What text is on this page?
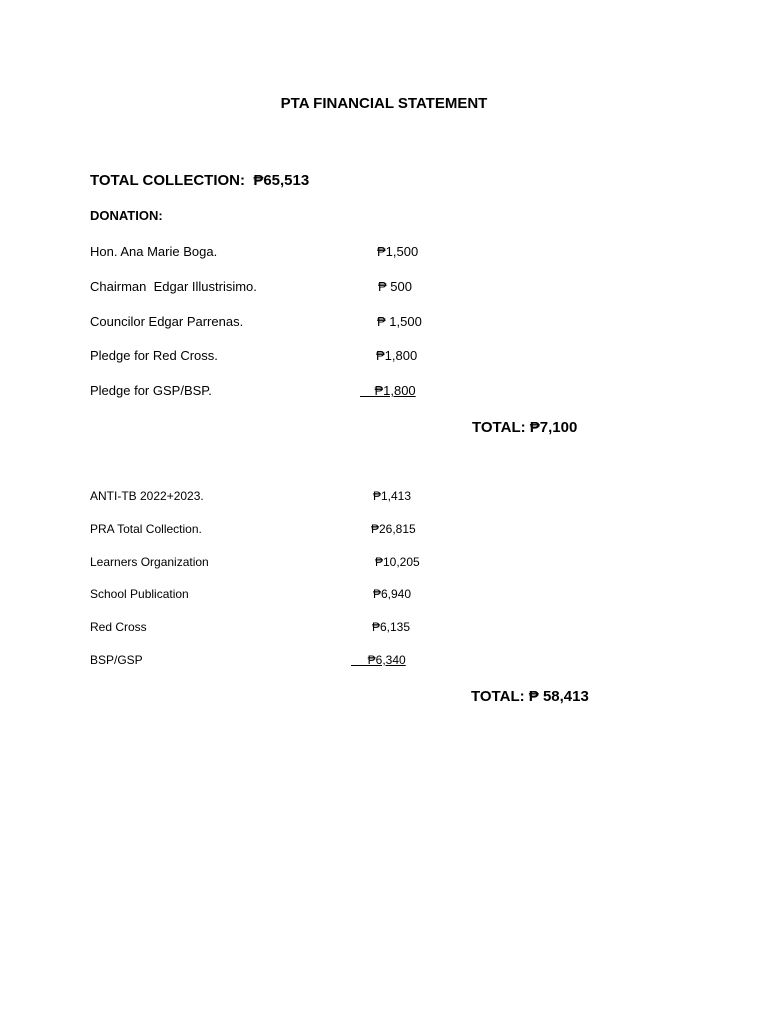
PTA FINANCIAL STATEMENT
TOTAL COLLECTION:  ₱65,513
DONATION:
Hon. Ana Marie Boga.	₱1,500
Chairman  Edgar Illustrisimo.	₱ 500
Councilor Edgar Parrenas.	₱ 1,500
Pledge for Red Cross.	₱1,800
Pledge for GSP/BSP.	₱1,800
TOTAL: ₱7,100
ANTI-TB 2022+2023.	₱1,413
PRA Total Collection.	₱26,815
Learners Organization	₱10,205
School Publication	₱6,940
Red Cross	₱6,135
BSP/GSP	₱6,340
TOTAL: ₱ 58,413
